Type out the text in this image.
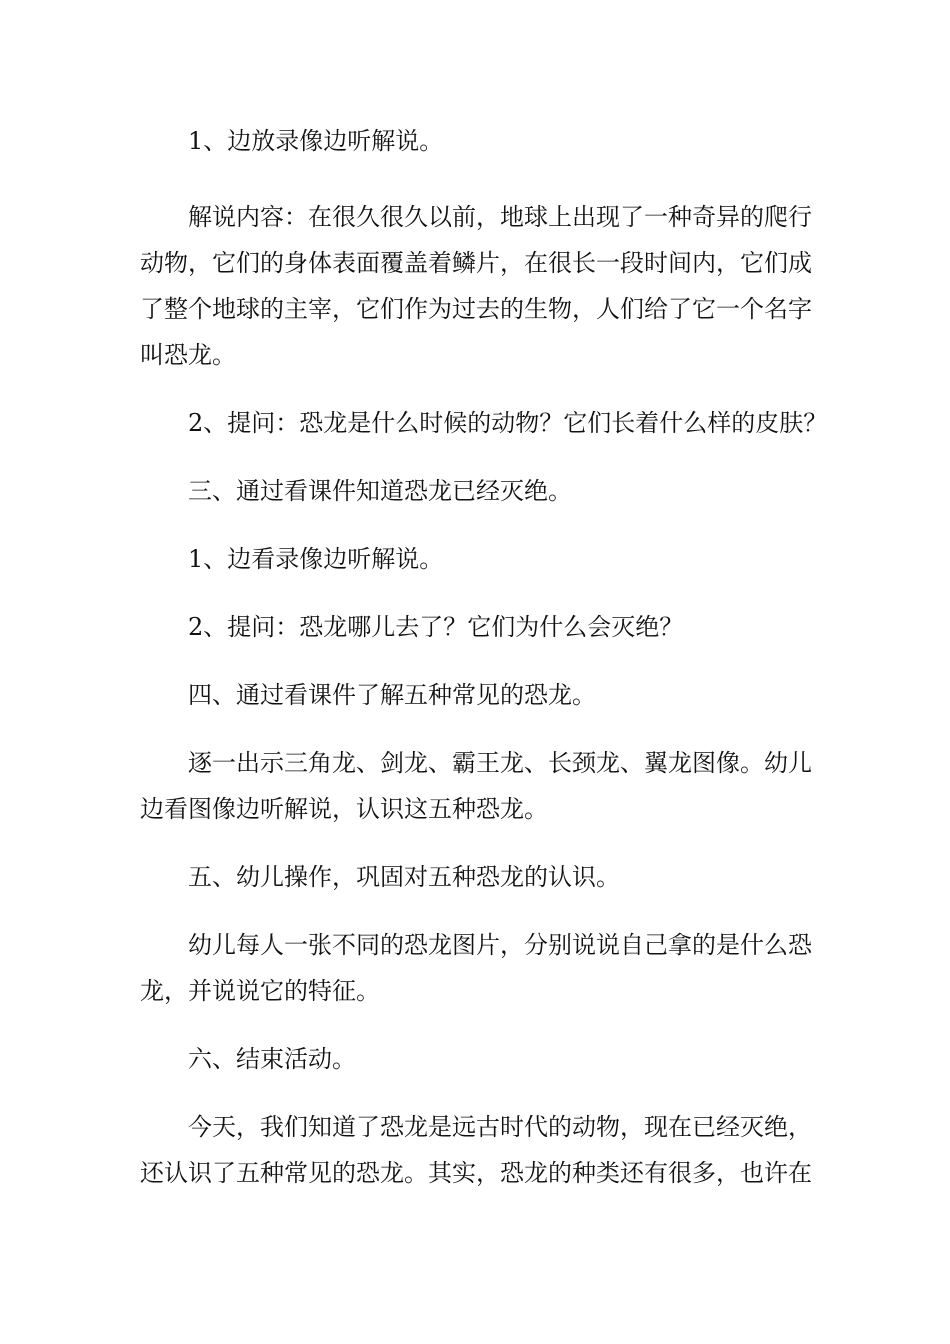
1、边放录像边听解说。
解说内容：在很久很久以前，地球上出现了一种奇异的爬行
动物，它们的身体表面覆盖着鳞片，在很长一段时间内，它们成
了整个地球的主宰，它们作为过去的生物，人们给了它一个名字
叫恐龙。
2、提问：恐龙是什么时候的动物？它们长着什么样的皮肤？
三、通过看课件知道恐龙已经灭绝。
1、边看录像边听解说。
2、提问：恐龙哪儿去了？它们为什么会灭绝？
四、通过看课件了解五种常见的恐龙。
逐一出示三角龙、剑龙、霸王龙、长颈龙、翼龙图像。幼儿
边看图像边听解说，认识这五种恐龙。
五、幼儿操作，巩固对五种恐龙的认识。
幼儿每人一张不同的恐龙图片，分别说说自己拿的是什么恐
龙，并说说它的特征。
六、结束活动。
今天，我们知道了恐龙是远古时代的动物，现在已经灭绝，
还认识了五种常见的恐龙。其实，恐龙的种类还有很多，也许在
